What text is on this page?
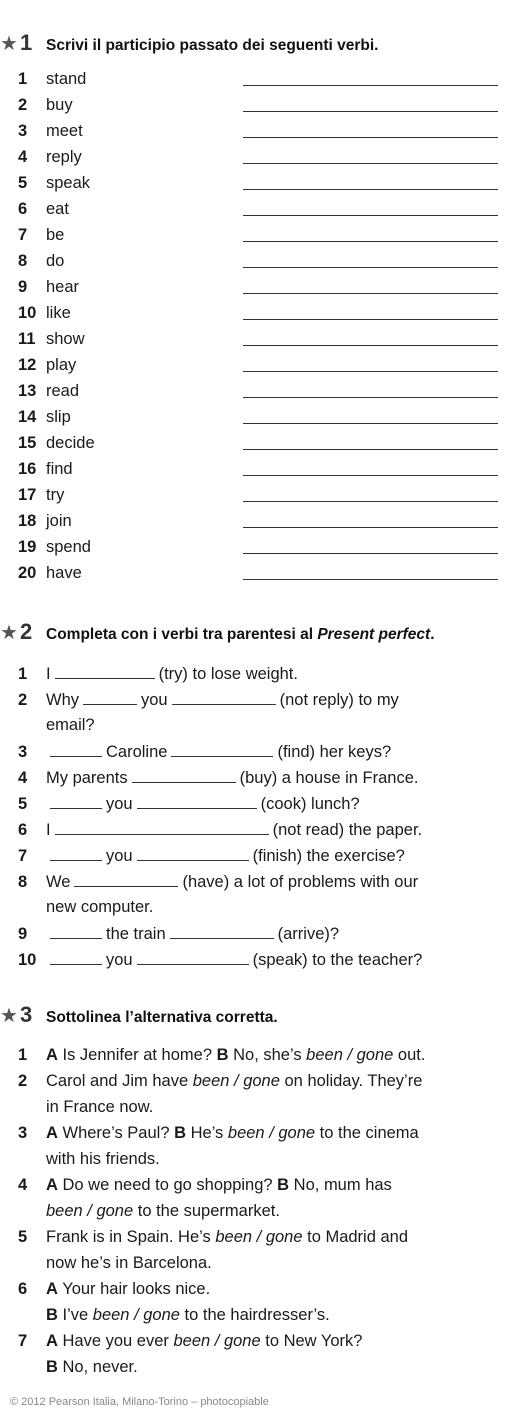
★ 1 Scrivi il participio passato dei seguenti verbi.
1 stand
2 buy
3 meet
4 reply
5 speak
6 eat
7 be
8 do
9 hear
10 like
11 show
12 play
13 read
14 slip
15 decide
16 find
17 try
18 join
19 spend
20 have
★ 2 Completa con i verbi tra parentesi al Present perfect.
1 I	(try) to lose weight.
2 Why	you	(not reply) to my
email?
3	Caroline	(find) her keys?
4 My parents	(buy) a house in France.
5	you	(cook) lunch?
6 I	(not read) the paper.
7	you	(finish) the exercise?
8 We	(have) a lot of problems with our
new computer.
9	the train	(arrive)?
10	you	(speak) to the teacher?
★ 3 Sottolinea l’alternativa corretta.
1 A Is Jennifer at home? B No, she’s been / gone out.
2 Carol and Jim have been / gone on holiday. They’re
in France now.
3 A Where’s Paul? B He’s been / gone to the cinema
with his friends.
4 A Do we need to go shopping? B No, mum has
been / gone to the supermarket.
5 Frank is in Spain. He’s been / gone to Madrid and
now he’s in Barcelona.
6 A Your hair looks nice.
B I’ve been / gone to the hairdresser’s.
7 A Have you ever been / gone to New York?
B No, never.
© 2012 Pearson Italia, Milano-Torino – photocopiable
